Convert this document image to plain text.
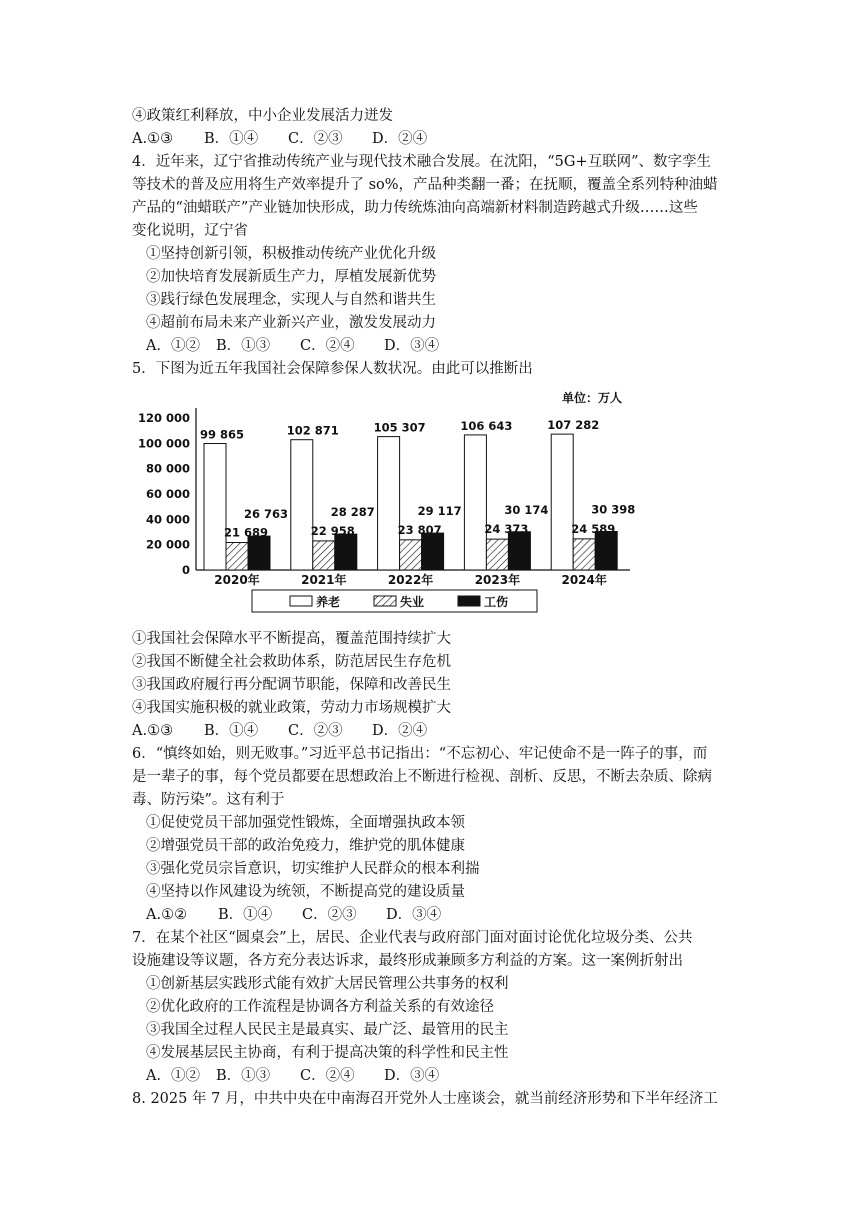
④政策红利释放，中小企业发展活力迸发
A.①③	B．①④	C．②③	D．②④
4．近年来，辽宁省推动传统产业与现代技术融合发展。在沈阳，“5G+互联网”、数字孪生
等技术的普及应用将生产效率提升了 so%，产品种类翻一番；在抚顺，覆盖全系列特种油蜡
产品的“油蜡联产”产业链加快形成，助力传统炼油向高端新材料制造跨越式升级……这些
变化说明，辽宁省
①坚持创新引领，积极推动传统产业优化升级
②加快培育发展新质生产力，厚植发展新优势
③践行绿色发展理念，实现人与自然和谐共生
④超前布局未来产业新兴产业，激发发展动力
A．①②	B．①③	C．②④	D．③④
5．下图为近五年我国社会保障参保人数状况。由此可以推断出
单位：万人
120 000
100 000
80 000
60 000
40 000
20 000
0
99 865
21 689
26 763
2020年
102 871
22 958
28 287
2021年
105 307
23 807
29 117
2022年
106 643
24 373
30 174
2023年
107 282
24 589
30 398
2024年
养老	失业	工伤
①我国社会保障水平不断提高，覆盖范围持续扩大
②我国不断健全社会救助体系，防范居民生存危机
③我国政府履行再分配调节职能，保障和改善民生
④我国实施积极的就业政策，劳动力市场规模扩大
A.①③	B．①④	C．②③	D．②④
6．“慎终如始，则无败事。”习近平总书记指出：“不忘初心、牢记使命不是一阵子的事，而
是一辈子的事，每个党员都要在思想政治上不断进行检视、剖析、反思，不断去杂质、除病
毒、防污染”。这有利于
①促使党员干部加强党性锻炼，全面增强执政本领
②增强党员干部的政治免疫力，维护党的肌体健康
③强化党员宗旨意识，切实维护人民群众的根本利揣
④坚持以作风建设为统领，不断提高党的建设质量
A.①②	B．①④	C．②③	D．③④
7．在某个社区“圆桌会”上，居民、企业代表与政府部门面对面讨论优化垃圾分类、公共
设施建设等议题，各方充分表达诉求，最终形成兼顾多方利益的方案。这一案例折射出
①创新基层实践形式能有效扩大居民管理公共事务的权利
②优化政府的工作流程是协调各方利益关系的有效途径
③我国全过程人民民主是最真实、最广泛、最管用的民主
④发展基层民主协商，有利于提高决策的科学性和民主性
A．①②	B．①③	C．②④	D．③④
8. 2025 年 7 月，中共中央在中南海召开党外人士座谈会，就当前经济形势和下半年经济工
